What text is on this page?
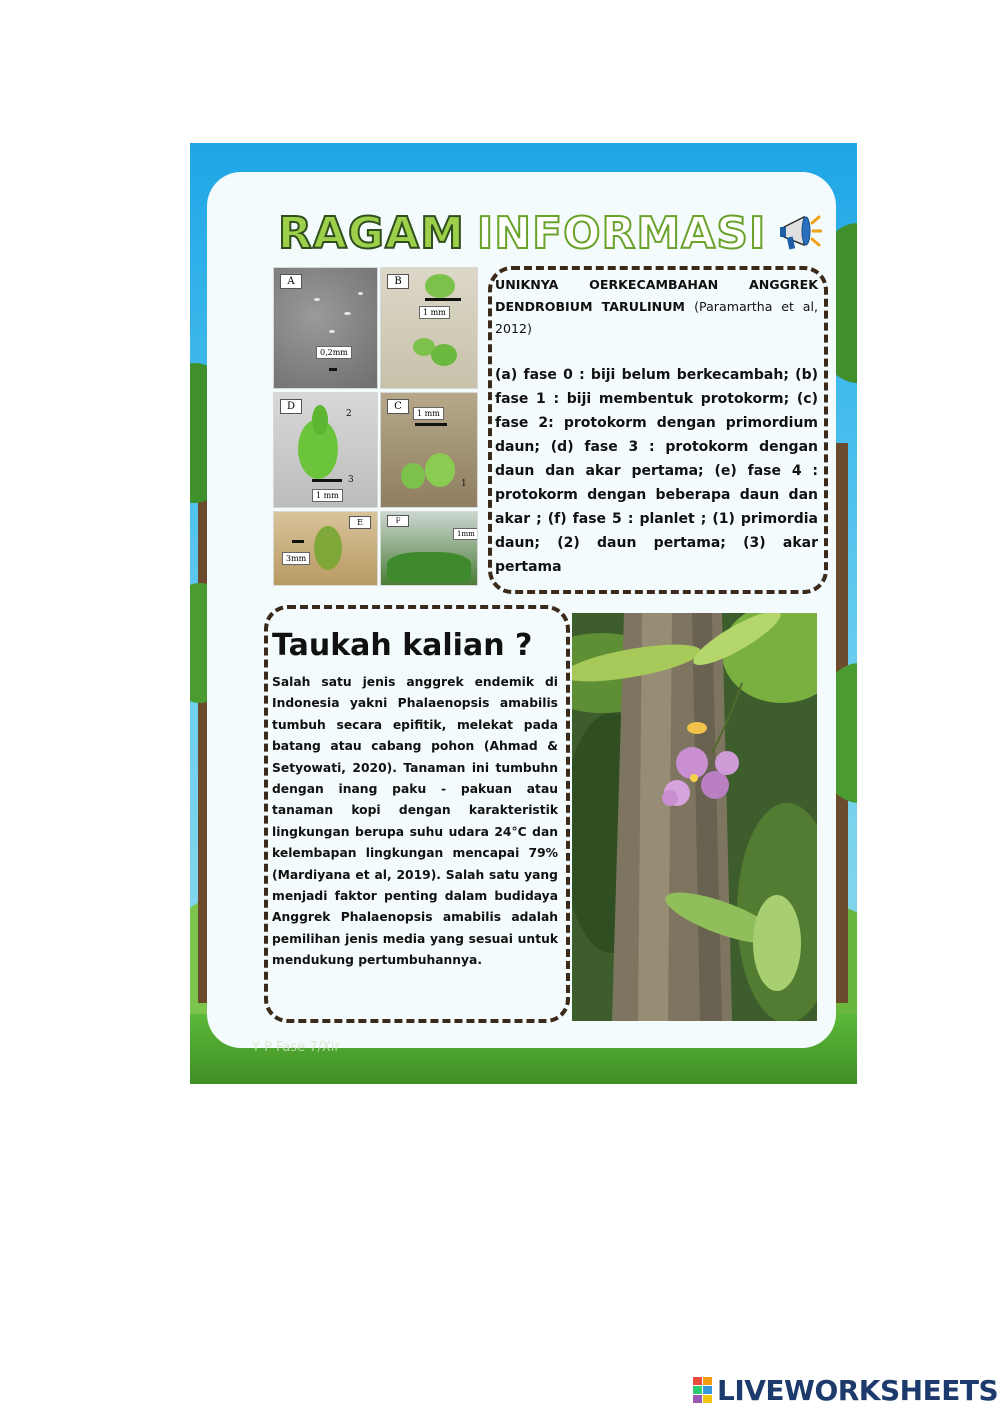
Y P Fase 7/Xir
RAGAM INFORMASI
A
0,2mm
B
1 mm
D
2
3
1 mm
C
1 mm
1
E
3mm
F
1mm
UNIKNYA OERKECAMBAHAN ANGGREK DENDROBIUM TARULINUM (Paramartha et al, 2012)
(a) fase 0 : biji belum berkecambah; (b) fase 1 : biji membentuk protokorm; (c) fase 2: protokorm dengan primordium daun; (d) fase 3 : protokorm dengan daun dan akar pertama; (e) fase 4 : protokorm dengan beberapa daun dan akar ; (f) fase 5 : planlet ; (1) primordia daun; (2) daun pertama; (3) akar pertama
Taukah kalian ?
Salah satu jenis anggrek endemik di Indonesia yakni Phalaenopsis amabilis tumbuh secara epifitik, melekat pada batang atau cabang pohon (Ahmad & Setyowati, 2020). Tanaman ini tumbuhn dengan inang paku - pakuan atau tanaman kopi dengan karakteristik lingkungan berupa suhu udara 24°C dan kelembapan lingkungan mencapai 79% (Mardiyana et al, 2019). Salah satu yang menjadi faktor penting dalam budidaya Anggrek Phalaenopsis amabilis adalah pemilihan jenis media yang sesuai untuk mendukung pertumbuhannya.
LIVEWORKSHEETS
